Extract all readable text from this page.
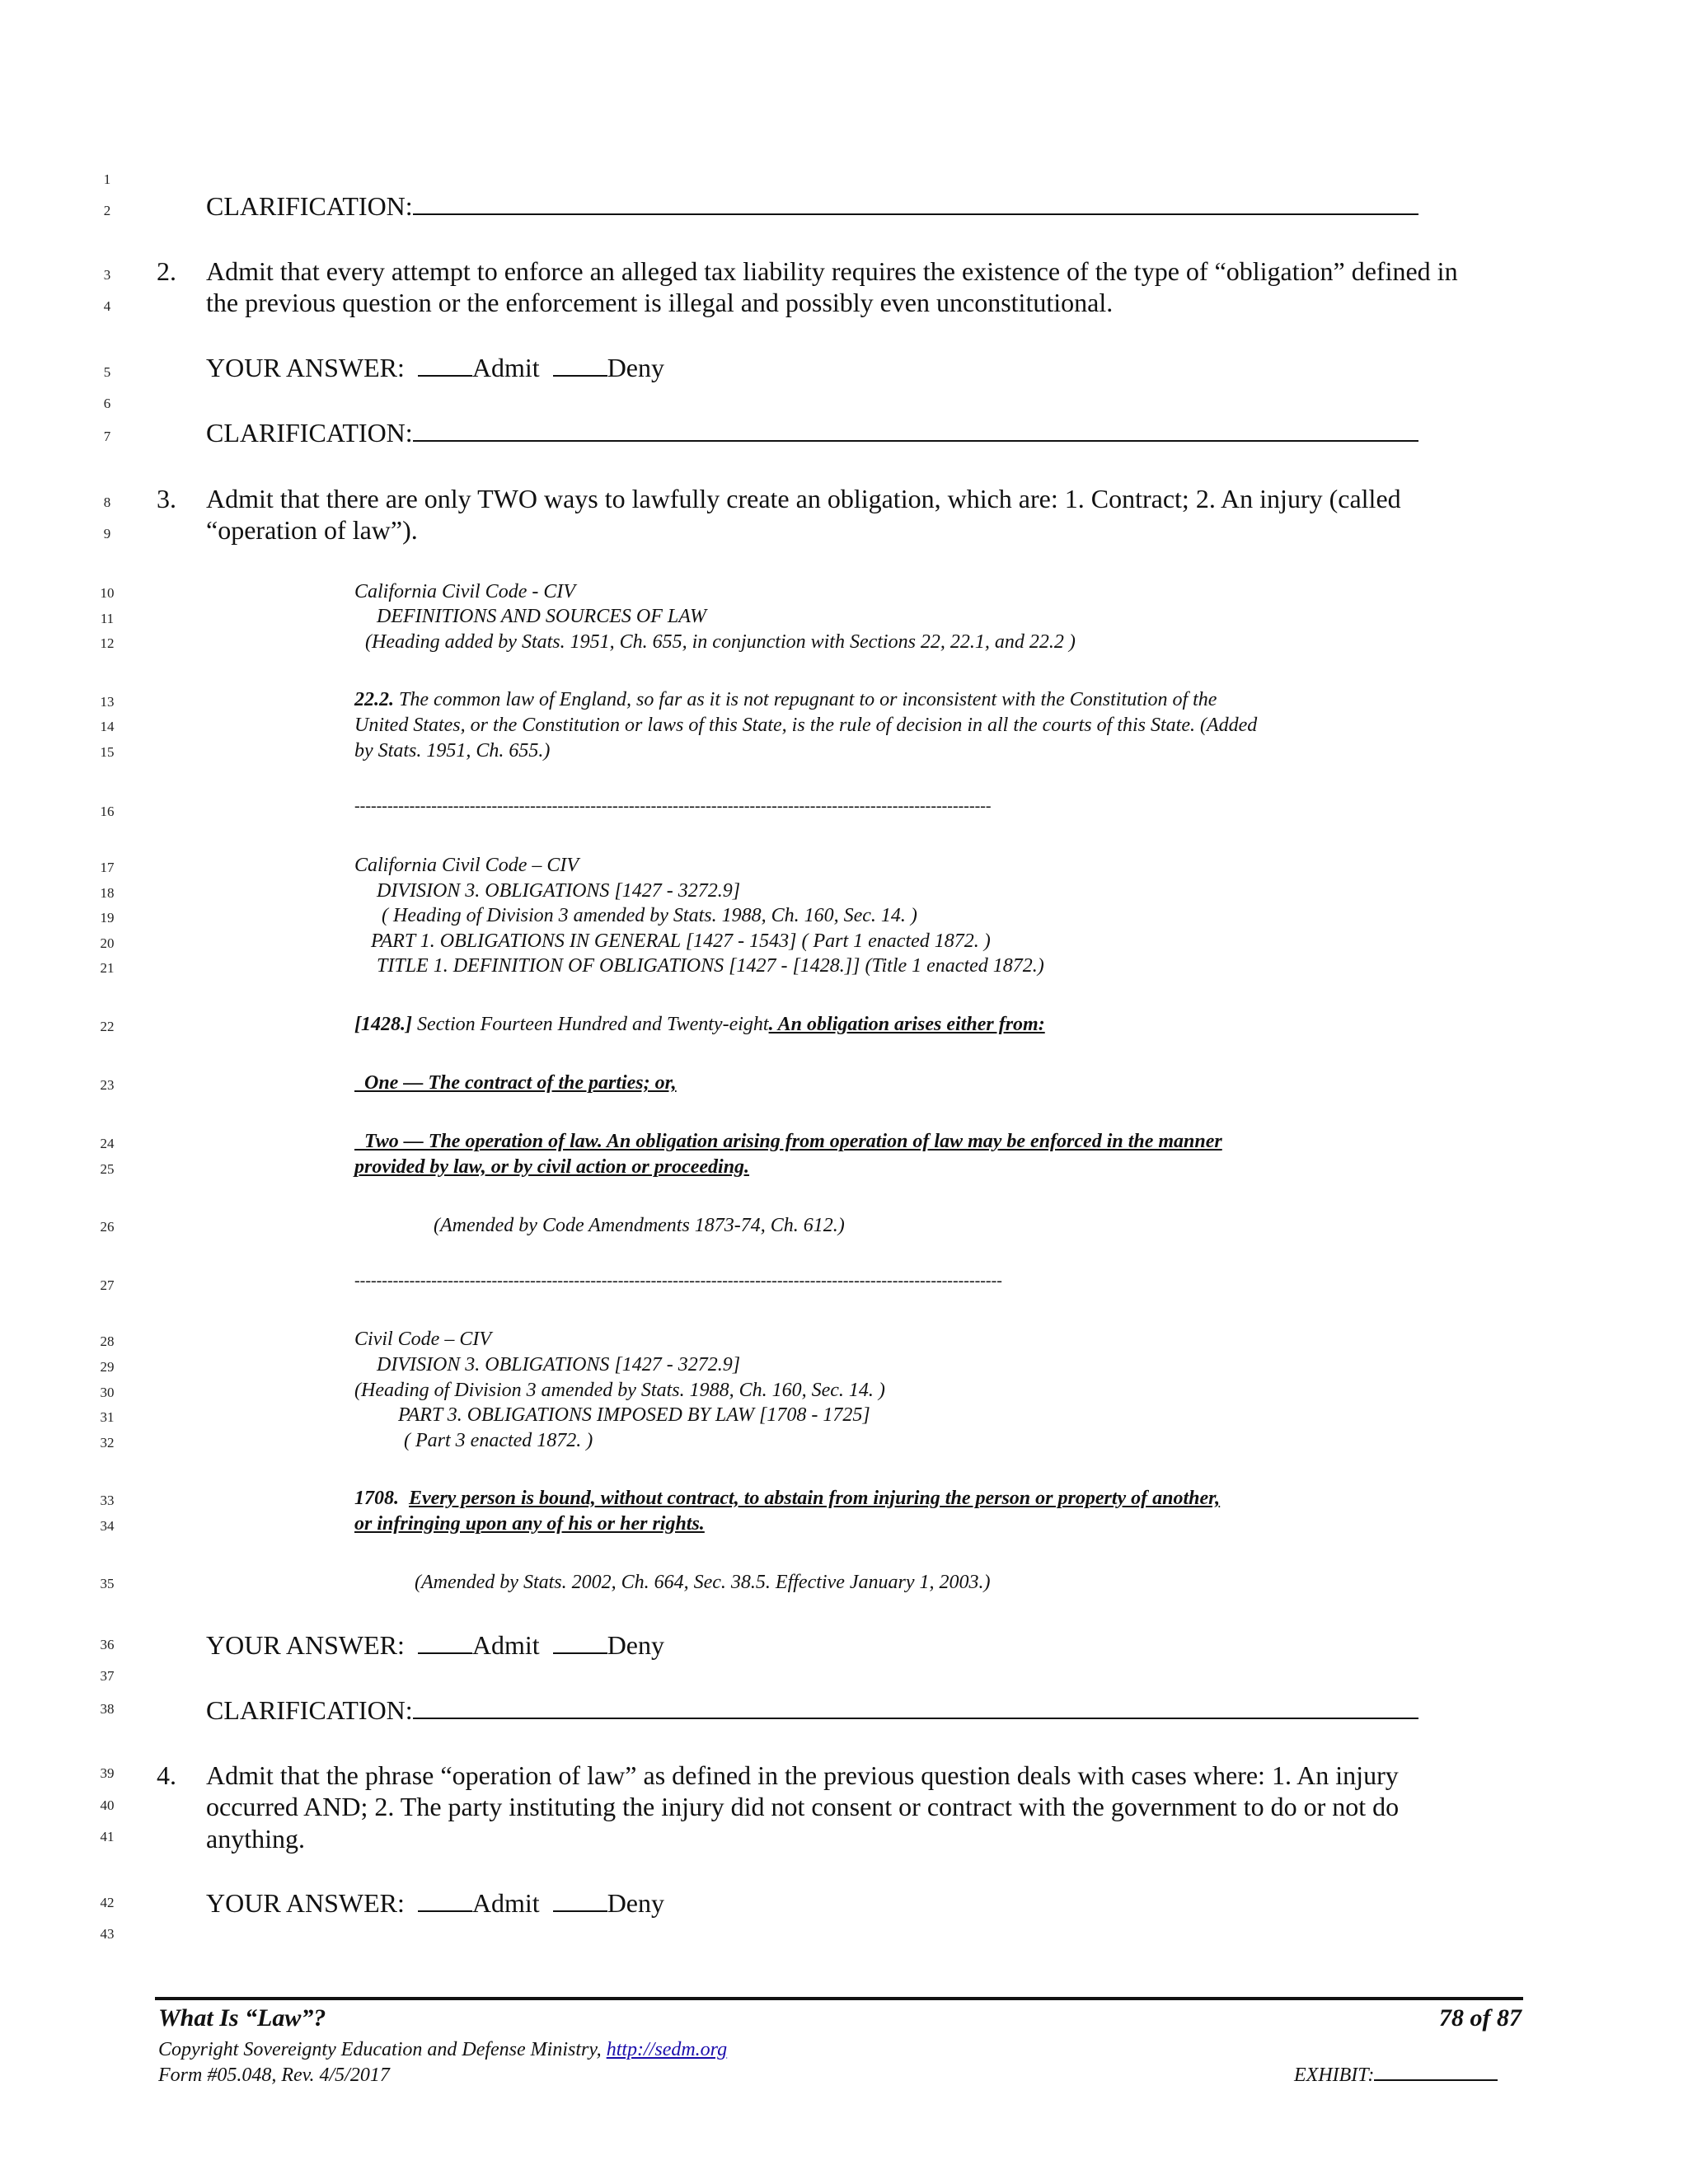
1
2
3
4
5
6
7
8
9
10
11
12
13
14
15
16
17
18
19
20
21
22
23
24
25
26
27
28
29
30
31
32
33
34
35
36
37
38
39
40
41
42
43
CLARIFICATION:
2. Admit that every attempt to enforce an alleged tax liability requires the existence of the type of “obligation” defined in
the previous question or the enforcement is illegal and possibly even unconstitutional.
YOUR ANSWER:	Admit	Deny
CLARIFICATION:
3. Admit that there are only TWO ways to lawfully create an obligation, which are: 1. Contract; 2. An injury (called
“operation of law”).
California Civil Code - CIV
DEFINITIONS AND SOURCES OF LAW
(Heading added by Stats. 1951, Ch. 655, in conjunction with Sections 22, 22.1, and 22.2 )
22.2. The common law of England, so far as it is not repugnant to or inconsistent with the Constitution of the
United States, or the Constitution or laws of this State, is the rule of decision in all the courts of this State. (Added
by Stats. 1951, Ch. 655.)
--------------------------------------------------------------------------------------------------------------------
California Civil Code – CIV
DIVISION 3. OBLIGATIONS [1427 - 3272.9]
( Heading of Division 3 amended by Stats. 1988, Ch. 160, Sec. 14. )
PART 1. OBLIGATIONS IN GENERAL [1427 - 1543] ( Part 1 enacted 1872. )
TITLE 1. DEFINITION OF OBLIGATIONS [1427 - [1428.]] (Title 1 enacted 1872.)
[1428.] Section Fourteen Hundred and Twenty-eight. An obligation arises either from:
One — The contract of the parties; or,
Two — The operation of law. An obligation arising from operation of law may be enforced in the manner
provided by law, or by civil action or proceeding.
(Amended by Code Amendments 1873-74, Ch. 612.)
----------------------------------------------------------------------------------------------------------------------
Civil Code – CIV
DIVISION 3. OBLIGATIONS [1427 - 3272.9]
(Heading of Division 3 amended by Stats. 1988, Ch. 160, Sec. 14. )
PART 3. OBLIGATIONS IMPOSED BY LAW [1708 - 1725]
( Part 3 enacted 1872. )
1708. Every person is bound, without contract, to abstain from injuring the person or property of another,
or infringing upon any of his or her rights.
(Amended by Stats. 2002, Ch. 664, Sec. 38.5. Effective January 1, 2003.)
YOUR ANSWER:	Admit	Deny
CLARIFICATION:
4. Admit that the phrase “operation of law” as defined in the previous question deals with cases where: 1. An injury
occurred AND; 2. The party instituting the injury did not consent or contract with the government to do or not do
anything.
YOUR ANSWER:	Admit	Deny
What Is “Law”?	78 of 87
Copyright Sovereignty Education and Defense Ministry, http://sedm.org
Form #05.048, Rev. 4/5/2017	EXHIBIT:
